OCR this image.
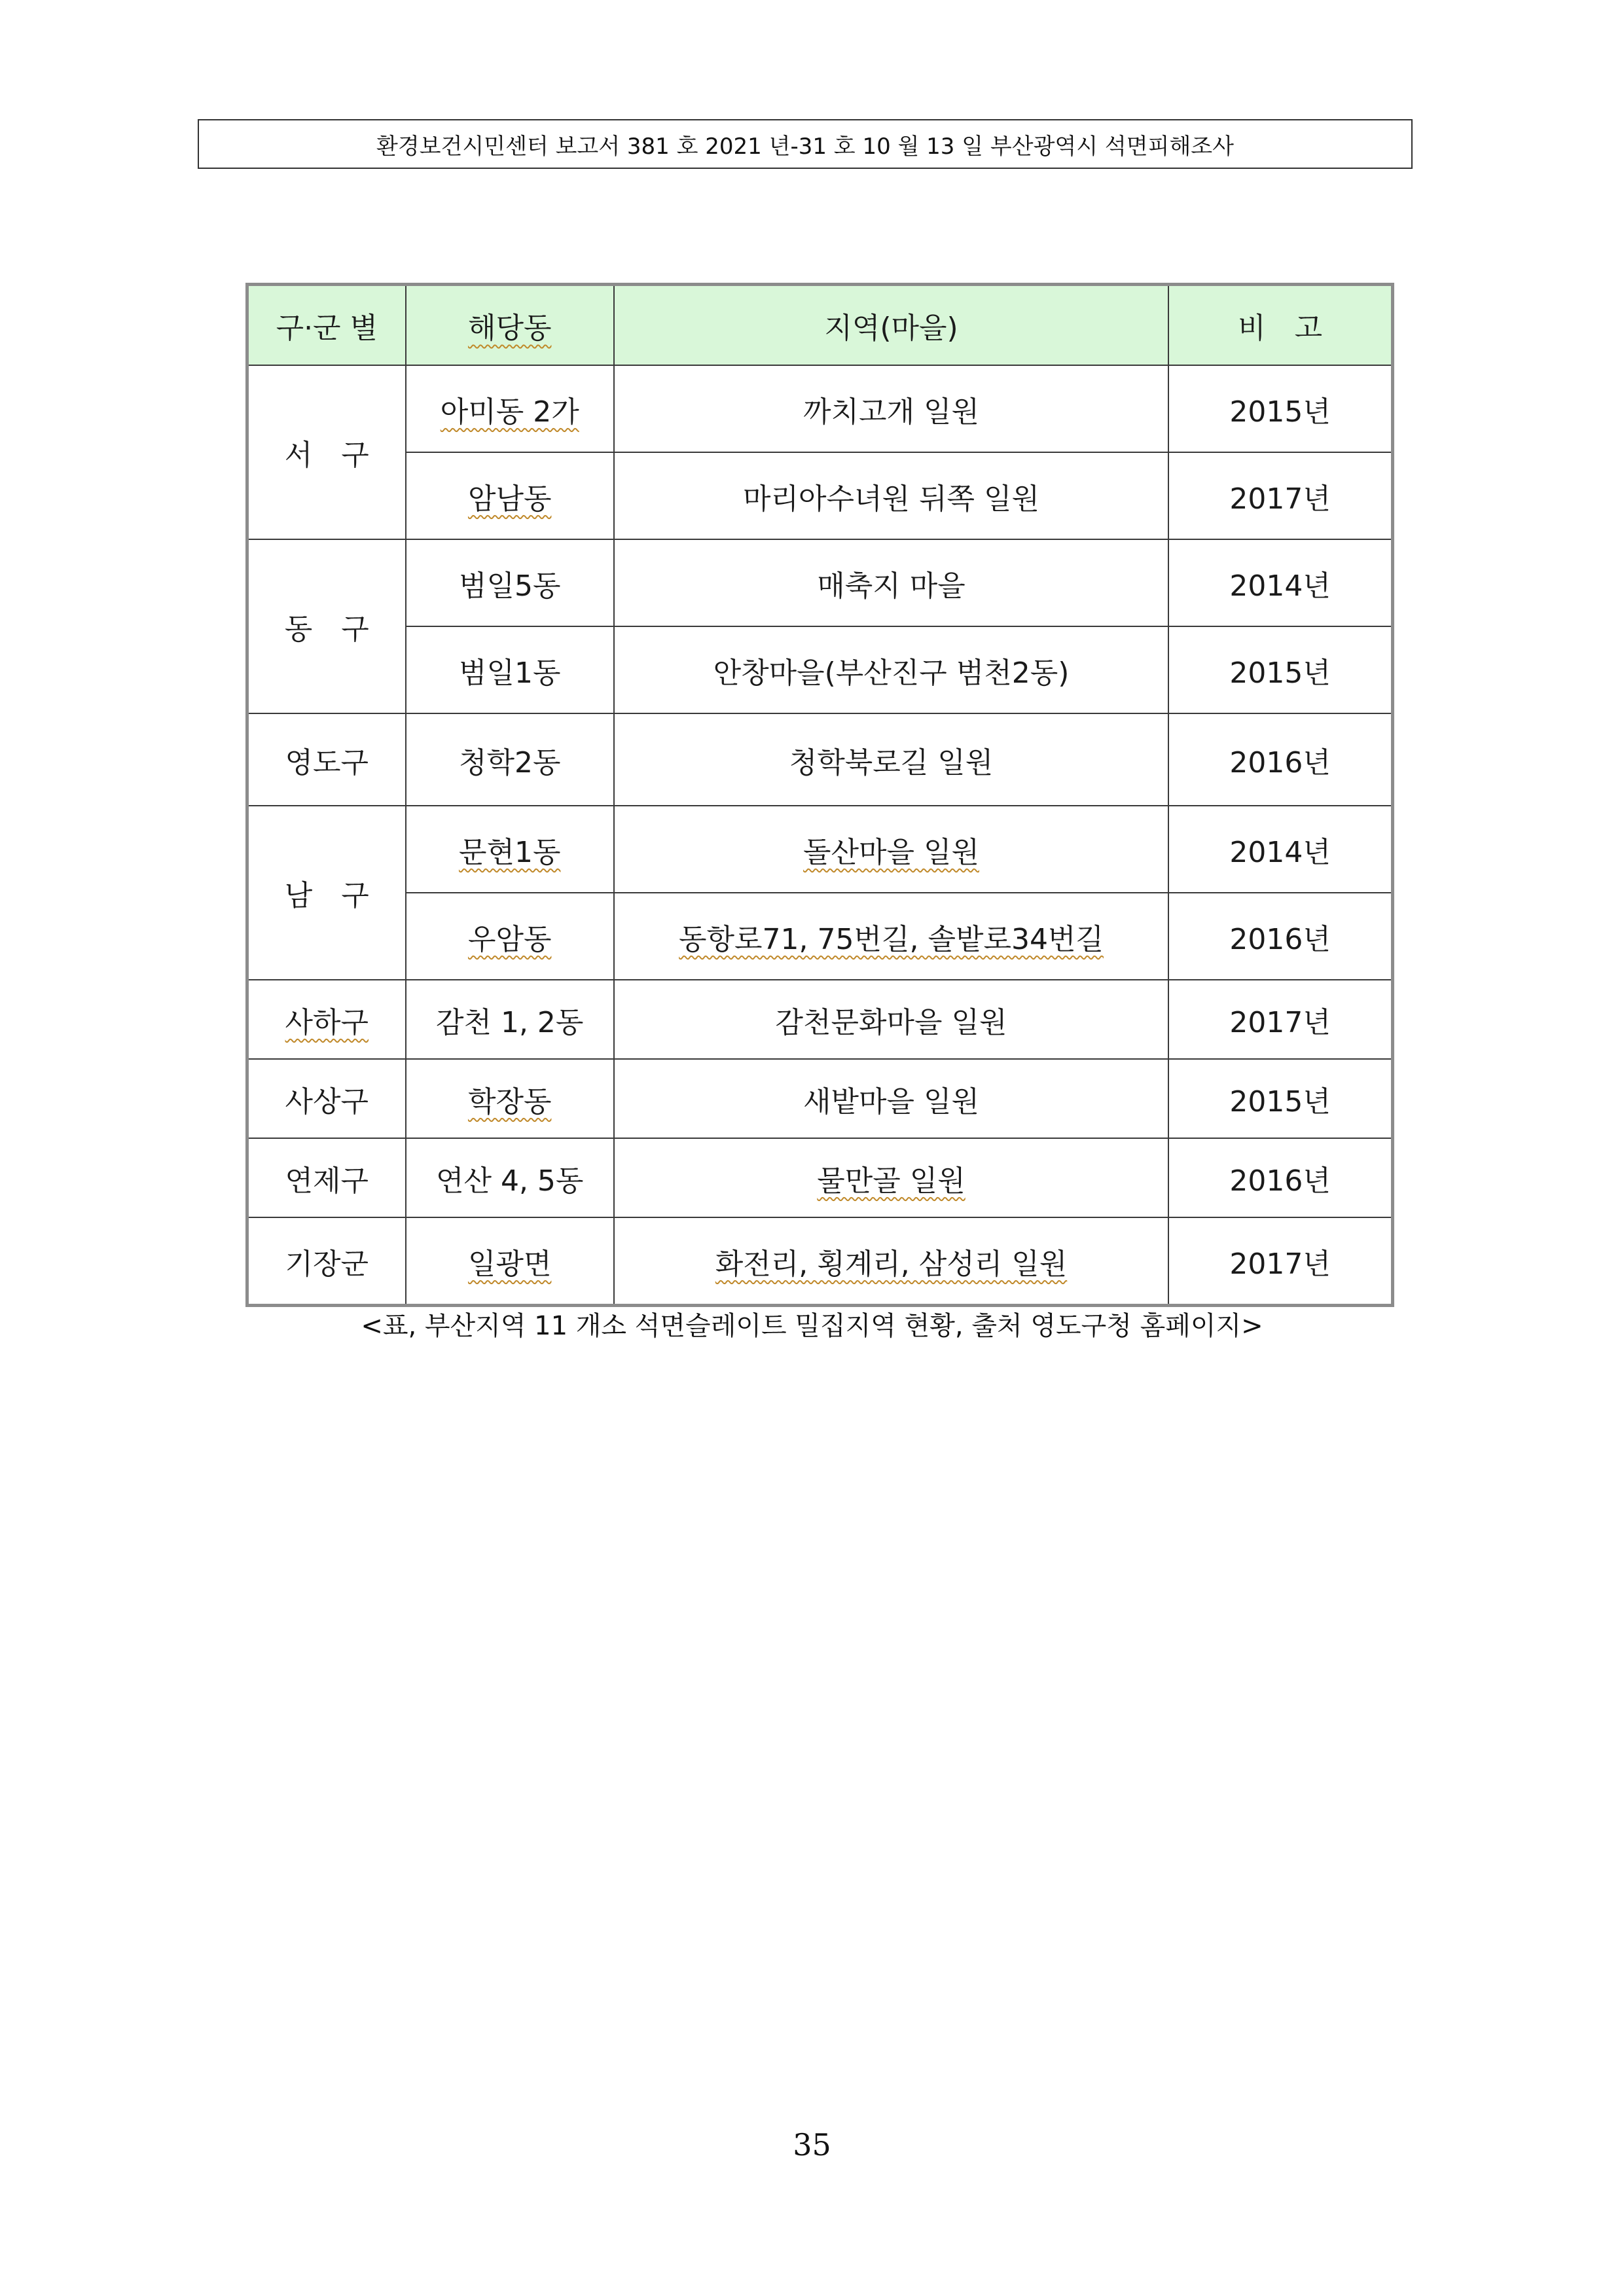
환경보건시민센터 보고서 381 호 2021 년-31 호 10 월 13 일 부산광역시 석면피해조사
구·군 별	해당동	지역(마을)	비　고
서　구	아미동 2가	까치고개 일원	2015년
	암남동	마리아수녀원 뒤쪽 일원	2017년
동　구	범일5동	매축지 마을	2014년
	범일1동	안창마을(부산진구 범천2동)	2015년
영도구	청학2동	청학북로길 일원	2016년
남　구	문현1동	돌산마을 일원	2014년
	우암동	동항로71, 75번길, 솔밭로34번길	2016년
사하구	감천 1, 2동	감천문화마을 일원	2017년
사상구	학장동	새밭마을 일원	2015년
연제구	연산 4, 5동	물만골 일원	2016년
기장군	일광면	화전리, 횡계리, 삼성리 일원	2017년
<표, 부산지역 11 개소 석면슬레이트 밀집지역 현황, 출처 영도구청 홈페이지>
35
